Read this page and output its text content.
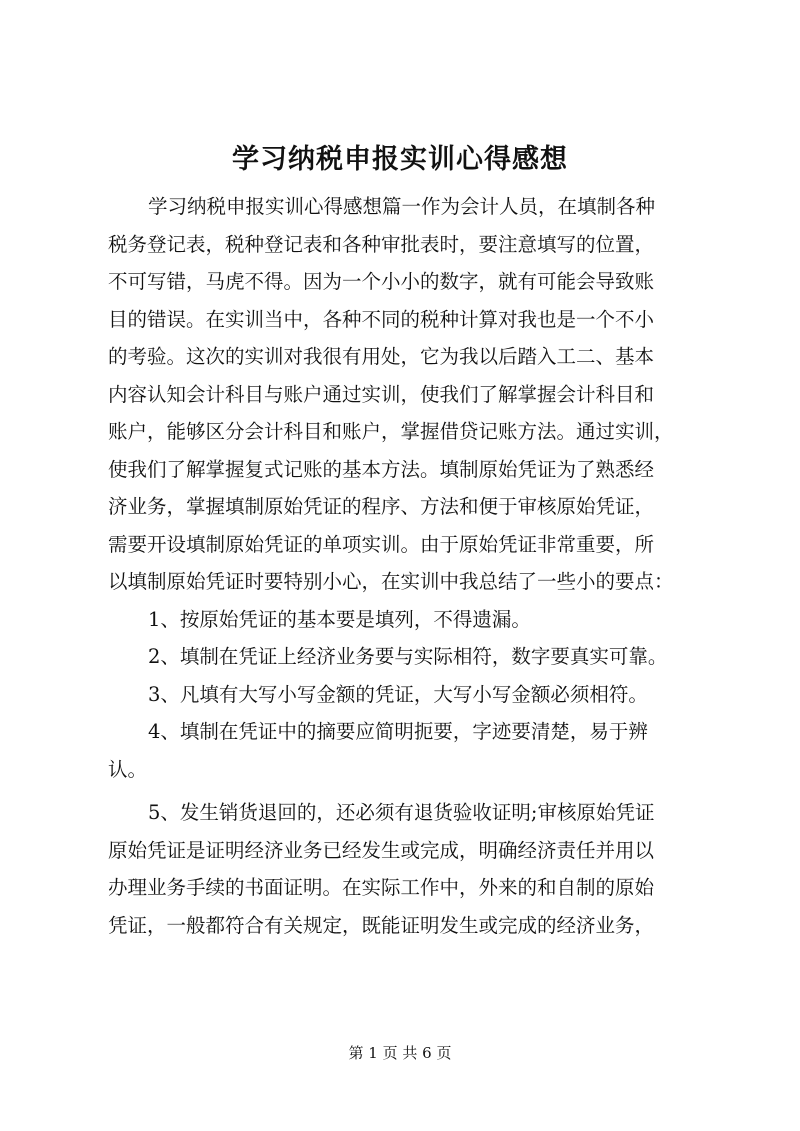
学习纳税申报实训心得感想
学习纳税申报实训心得感想篇一作为会计人员，在填制各种
税务登记表，税种登记表和各种审批表时，要注意填写的位置，
不可写错，马虎不得。因为一个小小的数字，就有可能会导致账
目的错误。在实训当中，各种不同的税种计算对我也是一个不小
的考验。这次的实训对我很有用处，它为我以后踏入工二、基本
内容认知会计科目与账户通过实训，使我们了解掌握会计科目和
账户，能够区分会计科目和账户，掌握借贷记账方法。通过实训，
使我们了解掌握复式记账的基本方法。填制原始凭证为了熟悉经
济业务，掌握填制原始凭证的程序、方法和便于审核原始凭证，
需要开设填制原始凭证的单项实训。由于原始凭证非常重要，所
以填制原始凭证时要特别小心，在实训中我总结了一些小的要点：
1、按原始凭证的基本要是填列，不得遗漏。
2、填制在凭证上经济业务要与实际相符，数字要真实可靠。
3、凡填有大写小写金额的凭证，大写小写金额必须相符。
4、填制在凭证中的摘要应简明扼要，字迹要清楚，易于辨
认。
5、发生销货退回的，还必须有退货验收证明;审核原始凭证
原始凭证是证明经济业务已经发生或完成，明确经济责任并用以
办理业务手续的书面证明。在实际工作中，外来的和自制的原始
凭证，一般都符合有关规定，既能证明发生或完成的经济业务，
第 1 页 共 6 页
